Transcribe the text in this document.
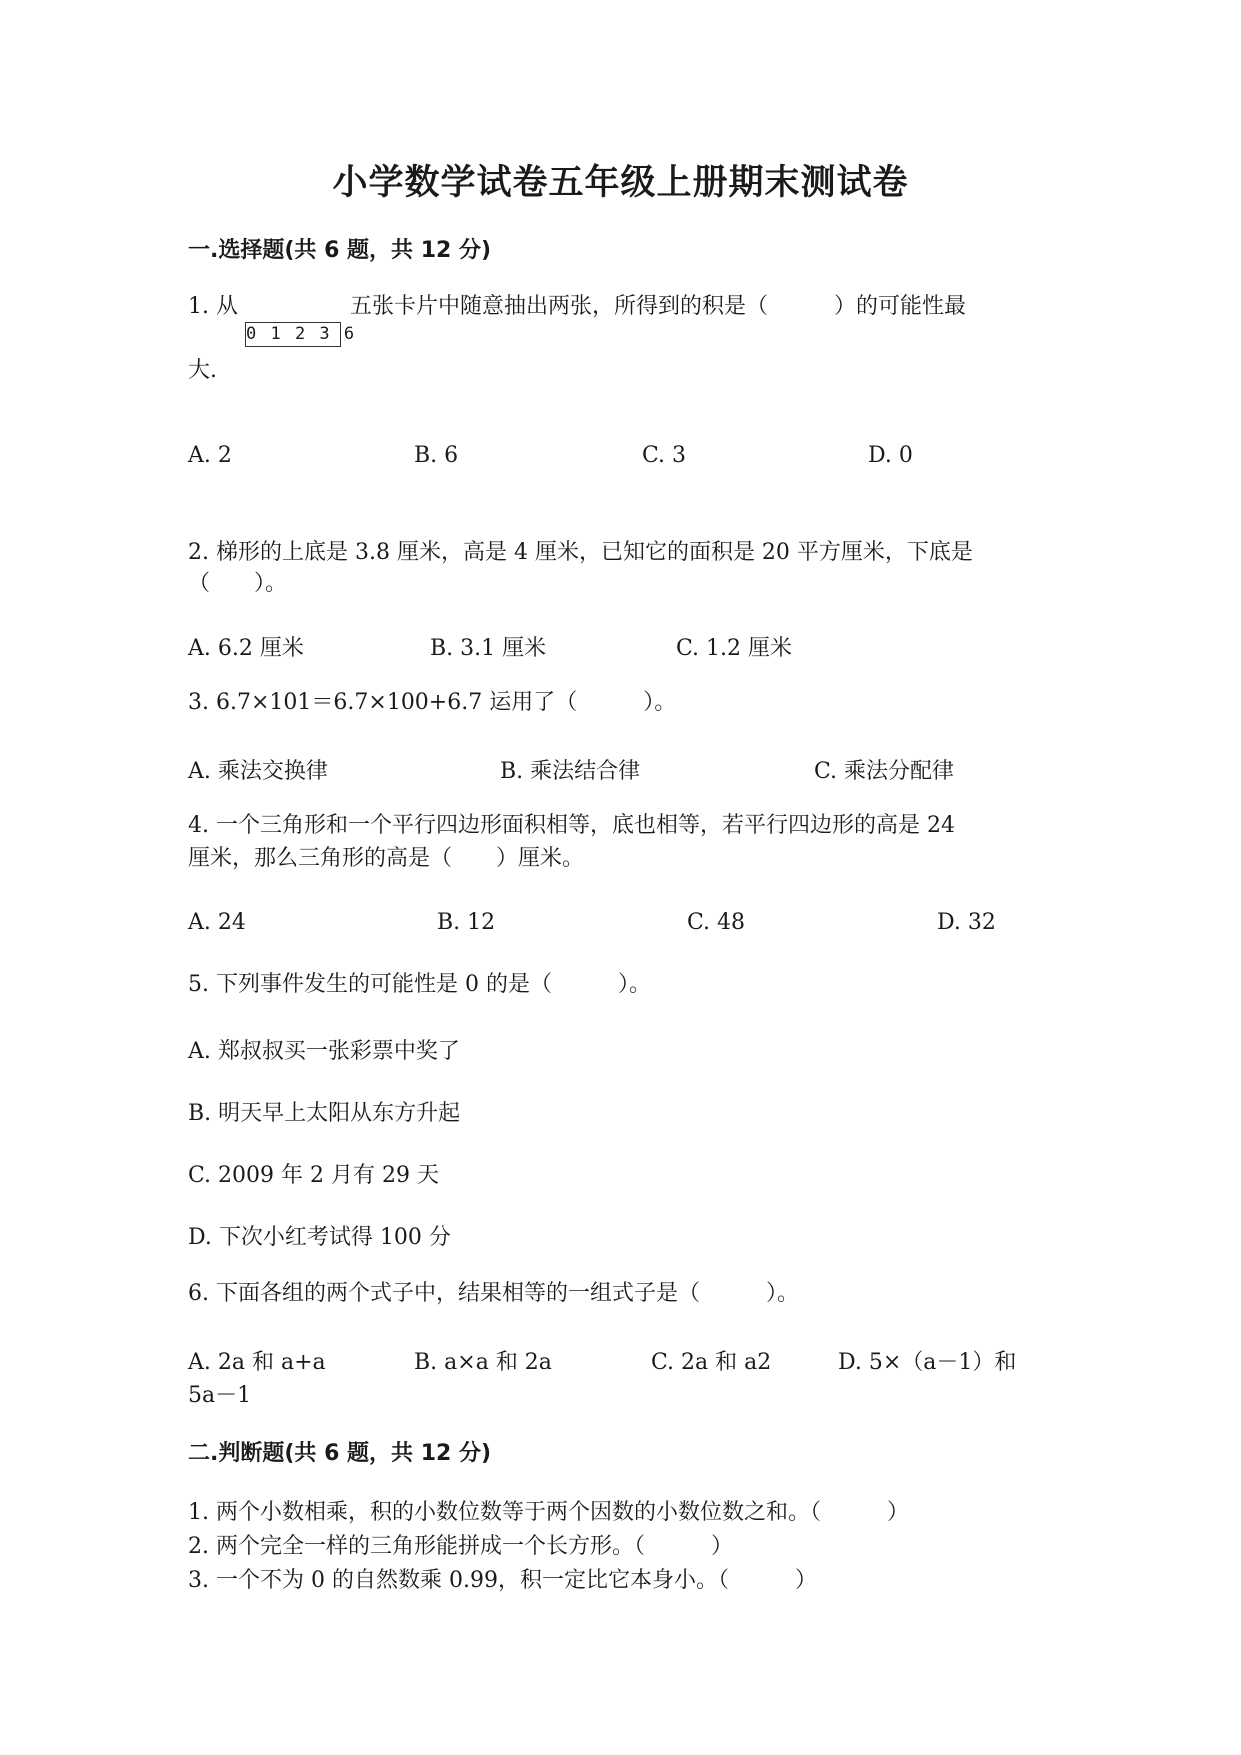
小学数学试卷五年级上册期末测试卷
一.选择题(共 6 题，共 12 分)
1. 从
0 1 2 3 6
五张卡片中随意抽出两张，所得到的积是（　　　）的可能性最
大.
A. 2	B. 6	C. 3	D. 0
2. 梯形的上底是 3.8 厘米，高是 4 厘米，已知它的面积是 20 平方厘米，下底是
（　　）。
A. 6.2 厘米	B. 3.1 厘米	C. 1.2 厘米
3. 6.7×101＝6.7×100+6.7 运用了（　　　）。
A. 乘法交换律	B. 乘法结合律	C. 乘法分配律
4. 一个三角形和一个平行四边形面积相等，底也相等，若平行四边形的高是 24
厘米，那么三角形的高是（　　）厘米。
A. 24	B. 12	C. 48	D. 32
5. 下列事件发生的可能性是 0 的是（　　　）。
A. 郑叔叔买一张彩票中奖了
B. 明天早上太阳从东方升起
C. 2009 年 2 月有 29 天
D. 下次小红考试得 100 分
6. 下面各组的两个式子中，结果相等的一组式子是（　　　）。
A. 2a 和 a+a	B. a×a 和 2a	C. 2a 和 a2	D. 5×（a－1）和
5a－1
二.判断题(共 6 题，共 12 分)
1. 两个小数相乘，积的小数位数等于两个因数的小数位数之和。（　　　）
2. 两个完全一样的三角形能拼成一个长方形。（　　　）
3. 一个不为 0 的自然数乘 0.99，积一定比它本身小。（　　　）
